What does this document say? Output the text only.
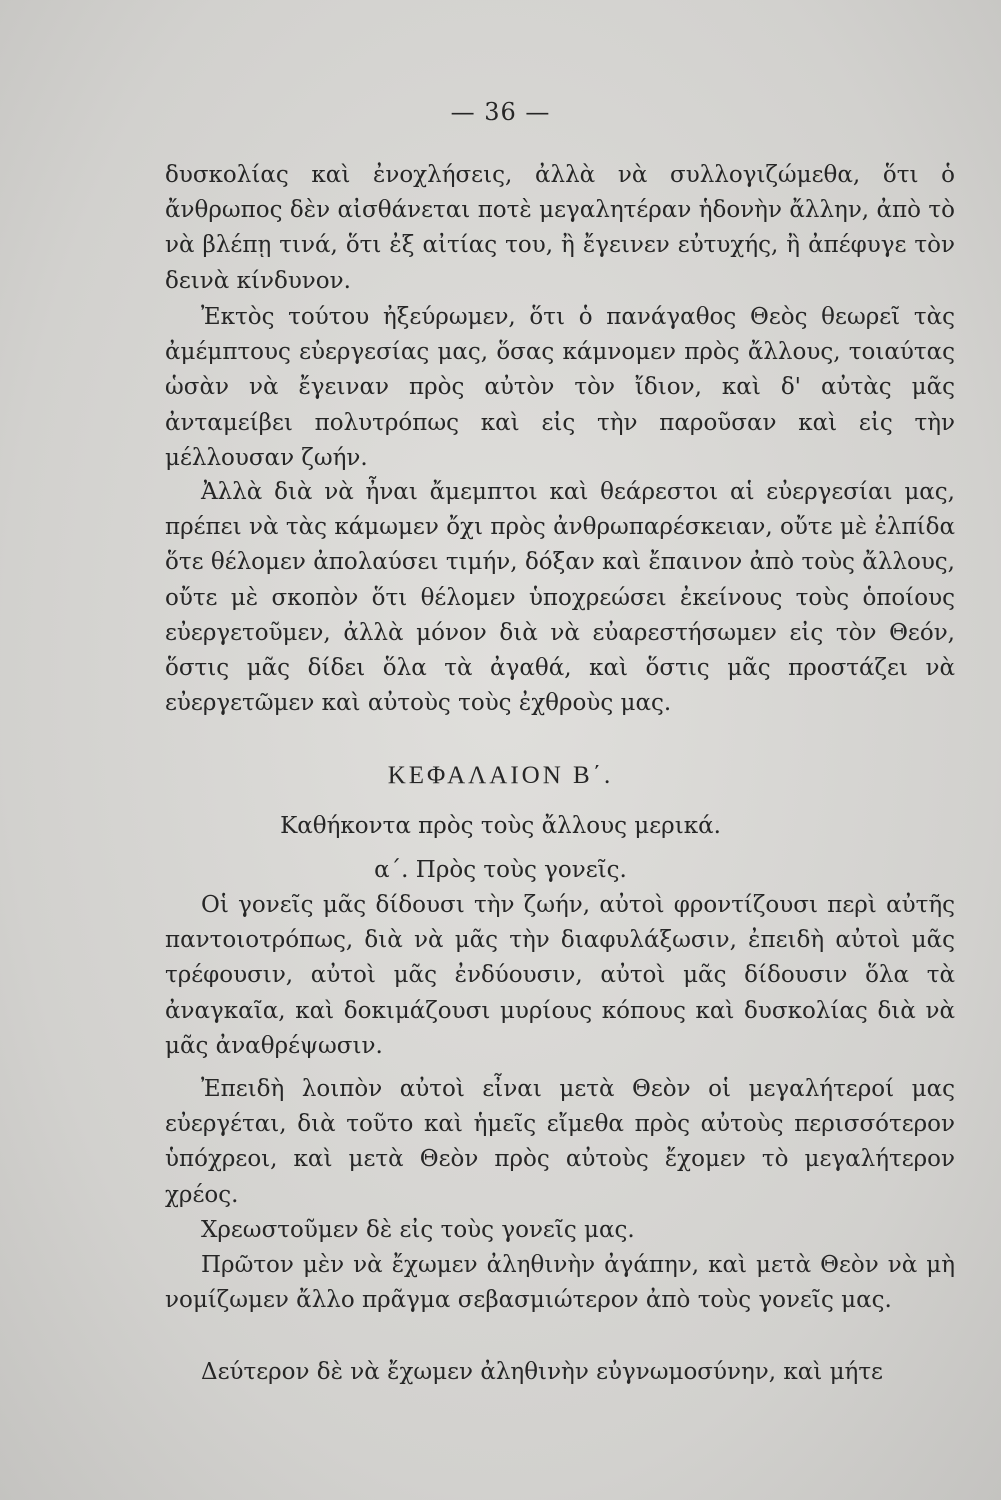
— 36 —

δυσκολίας καὶ ἐνοχλήσεις, ἀλλὰ νὰ συλλογιζώμεθα, ὅτι ὁ ἄνθρωπος δὲν αἰσθάνεται ποτὲ μεγαλητέραν ἡδονὴν ἄλλην, ἀπὸ τὸ νὰ βλέπῃ τινά, ὅτι ἐξ αἰτίας του, ἢ ἔγεινεν εὐτυχής, ἢ ἀπέφυγε τὸν δεινὰ κίνδυνον.

Ἐκτὸς τούτου ἠξεύρωμεν, ὅτι ὁ πανάγαθος Θεὸς θεωρεῖ τὰς ἀμέμπτους εὐεργεσίας μας, ὅσας κάμνομεν πρὸς ἄλλους, τοιαύτας ὡσὰν νὰ ἔγειναν πρὸς αὐτὸν τὸν ἴδιον, καὶ δ' αὐτὰς μᾶς ἀνταμείβει πολυτρόπως καὶ εἰς τὴν παροῦσαν καὶ εἰς τὴν μέλλουσαν ζωήν.

Ἀλλὰ διὰ νὰ ἦναι ἄμεμπτοι καὶ θεάρεστοι αἱ εὐεργεσίαι μας, πρέπει νὰ τὰς κάμωμεν ὄχι πρὸς ἀνθρωπαρέσκειαν, οὔτε μὲ ἐλπίδα ὅτε θέλομεν ἀπολαύσει τιμήν, δόξαν καὶ ἔπαινον ἀπὸ τοὺς ἄλλους, οὔτε μὲ σκοπὸν ὅτι θέλομεν ὑποχρεώσει ἐκείνους τοὺς ὁποίους εὐεργετοῦμεν, ἀλλὰ μόνον διὰ νὰ εὐαρεστήσωμεν εἰς τὸν Θεόν, ὅστις μᾶς δίδει ὅλα τὰ ἀγαθά, καὶ ὅστις μᾶς προστάζει νὰ εὐεργετῶμεν καὶ αὐτοὺς τοὺς ἐχθροὺς μας.

ΚΕΦΑΛΑΙΟΝ Β΄.
Καθήκοντα πρὸς τοὺς ἄλλους μερικά.
α΄. Πρὸς τοὺς γονεῖς.

Οἱ γονεῖς μᾶς δίδουσι τὴν ζωήν, αὐτοὶ φροντίζουσι περὶ αὐτῆς παντοιοτρόπως, διὰ νὰ μᾶς τὴν διαφυλάξωσιν, ἐπειδὴ αὐτοὶ μᾶς τρέφουσιν, αὐτοὶ μᾶς ἐνδύουσιν, αὐτοὶ μᾶς δίδουσιν ὅλα τὰ ἀναγκαῖα, καὶ δοκιμάζουσι μυρίους κόπους καὶ δυσκολίας διὰ νὰ μᾶς ἀναθρέψωσιν.

Ἐπειδὴ λοιπὸν αὐτοὶ εἶναι μετὰ Θεὸν οἱ μεγαλήτεροί μας εὐεργέται, διὰ τοῦτο καὶ ἡμεῖς εἴμεθα πρὸς αὐτοὺς περισσότερον ὑπόχρεοι, καὶ μετὰ Θεὸν πρὸς αὐτοὺς ἔχομεν τὸ μεγαλήτερον χρέος.

Χρεωστοῦμεν δὲ εἰς τοὺς γονεῖς μας.

Πρῶτον μὲν νὰ ἔχωμεν ἀληθινὴν ἀγάπην, καὶ μετὰ Θεὸν νὰ μὴ νομίζωμεν ἄλλο πρᾶγμα σεβασμιώτερον ἀπὸ τοὺς γονεῖς μας.

Δεύτερον δὲ νὰ ἔχωμεν ἀληθινὴν εὐγνωμοσύνην, καὶ μήτε
